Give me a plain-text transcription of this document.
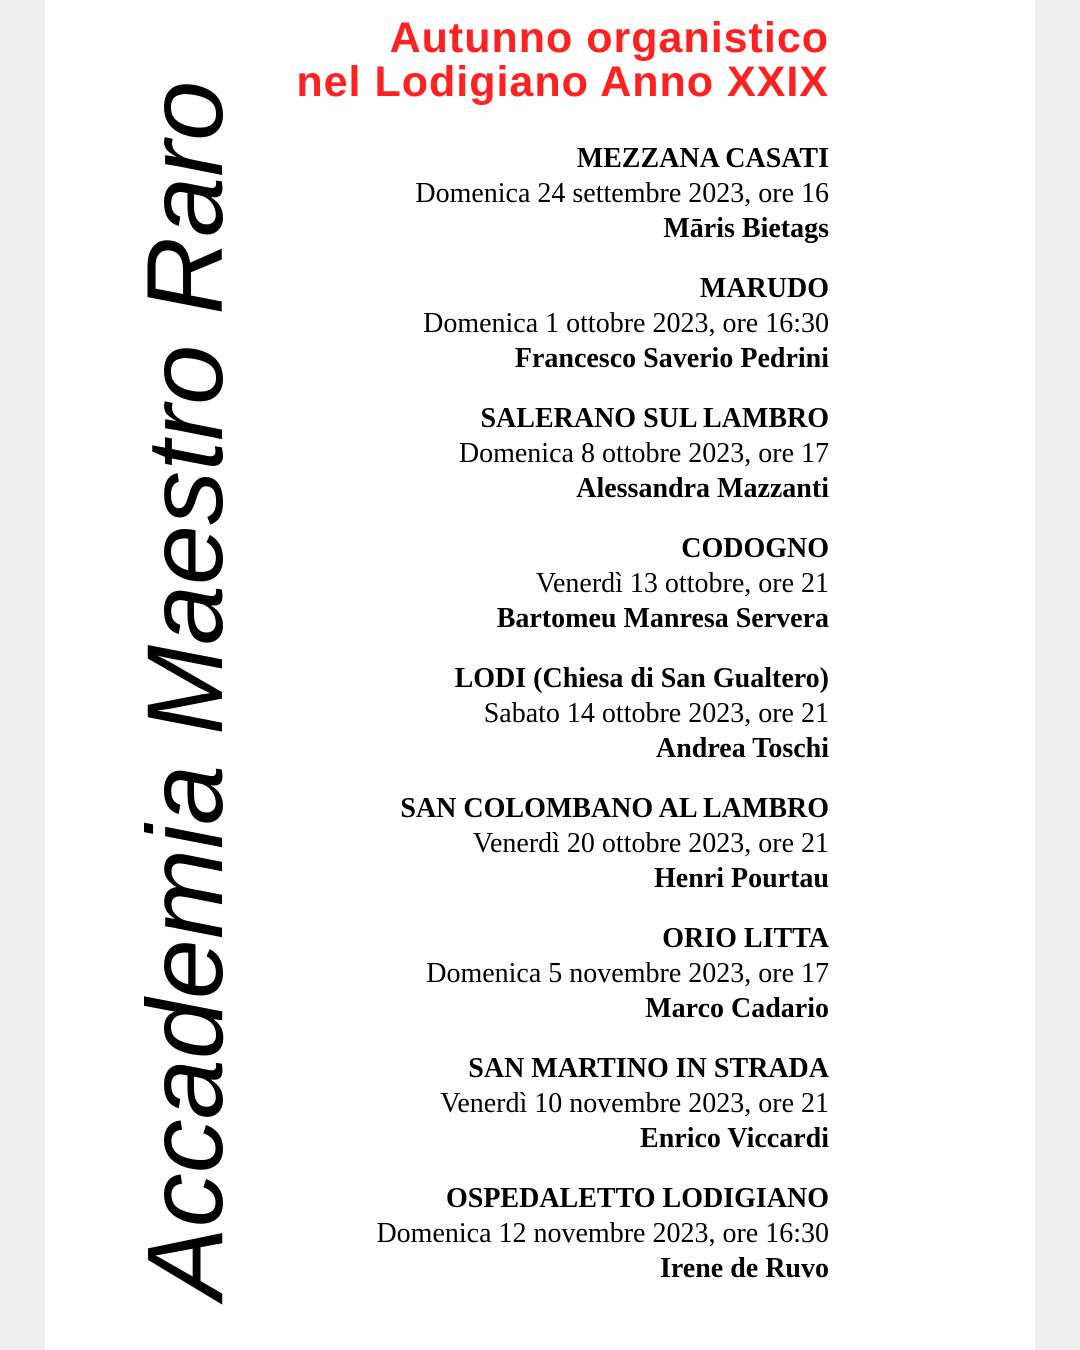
Accademia Maestro Raro
Autunno organistico
nel Lodigiano Anno XXIX
MEZZANA CASATI
Domenica 24 settembre 2023, ore 16
Māris Bietags
MARUDO
Domenica 1 ottobre 2023, ore 16:30
Francesco Saverio Pedrini
SALERANO SUL LAMBRO
Domenica 8 ottobre 2023, ore 17
Alessandra Mazzanti
CODOGNO
Venerdì 13 ottobre, ore 21
Bartomeu Manresa Servera
LODI (Chiesa di San Gualtero)
Sabato 14 ottobre 2023, ore 21
Andrea Toschi
SAN COLOMBANO AL LAMBRO
Venerdì 20 ottobre 2023, ore 21
Henri Pourtau
ORIO LITTA
Domenica 5 novembre 2023, ore 17
Marco Cadario
SAN MARTINO IN STRADA
Venerdì 10 novembre 2023, ore 21
Enrico Viccardi
OSPEDALETTO LODIGIANO
Domenica 12 novembre 2023, ore 16:30
Irene de Ruvo
